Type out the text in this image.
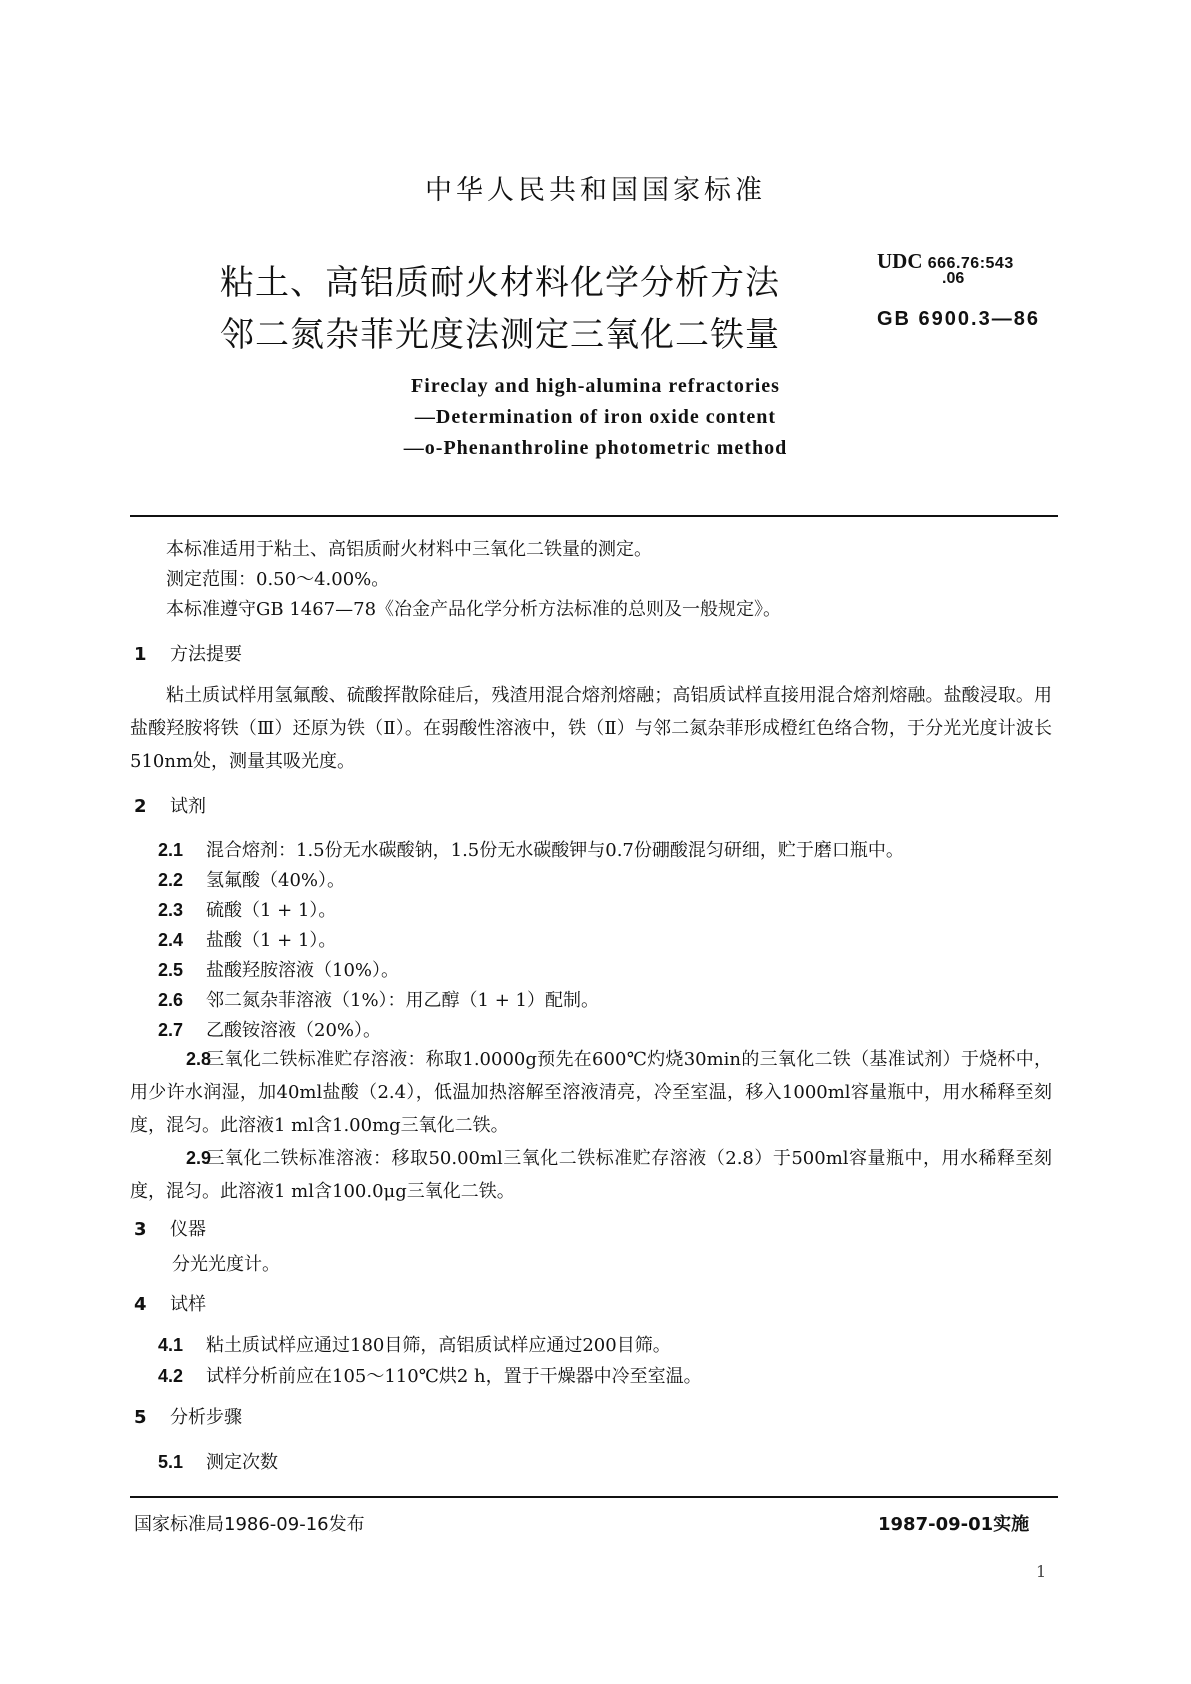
中华人民共和国国家标准
粘土、高铝质耐火材料化学分析方法
邻二氮杂菲光度法测定三氧化二铁量
UDC 666.76:543
.06
GB 6900.3—86
Fireclay and high-alumina refractories
—Determination of iron oxide content
—o-Phenanthroline photometric method
本标准适用于粘土、高铝质耐火材料中三氧化二铁量的测定。
测定范围：0.50～4.00%。
本标准遵守GB 1467—78《冶金产品化学分析方法标准的总则及一般规定》。
1 方法提要
粘土质试样用氢氟酸、硫酸挥散除硅后，残渣用混合熔剂熔融；高铝质试样直接用混合熔剂熔融。盐酸浸取。用盐酸羟胺将铁（Ⅲ）还原为铁（Ⅱ）。在弱酸性溶液中，铁（Ⅱ）与邻二氮杂菲形成橙红色络合物，于分光光度计波长510nm处，测量其吸光度。
2 试剂
2.1 混合熔剂：1.5份无水碳酸钠，1.5份无水碳酸钾与0.7份硼酸混匀研细，贮于磨口瓶中。
2.2 氢氟酸（40%）。
2.3 硫酸（1 + 1）。
2.4 盐酸（1 + 1）。
2.5 盐酸羟胺溶液（10%）。
2.6 邻二氮杂菲溶液（1%）：用乙醇（1 + 1）配制。
2.7 乙酸铵溶液（20%）。
2.8三氧化二铁标准贮存溶液：称取1.0000g预先在600℃灼烧30min的三氧化二铁（基准试剂）于烧杯中，用少许水润湿，加40ml盐酸（2.4），低温加热溶解至溶液清亮，冷至室温，移入1000ml容量瓶中，用水稀释至刻度，混匀。此溶液1 ml含1.00mg三氧化二铁。
2.9三氧化二铁标准溶液：移取50.00ml三氧化二铁标准贮存溶液（2.8）于500ml容量瓶中，用水稀释至刻度，混匀。此溶液1 ml含100.0μg三氧化二铁。
3 仪器
分光光度计。
4 试样
4.1 粘土质试样应通过180目筛，高铝质试样应通过200目筛。
4.2 试样分析前应在105～110℃烘2 h，置于干燥器中冷至室温。
5 分析步骤
5.1 测定次数
国家标准局1986-09-16发布	1987-09-01实施
1
